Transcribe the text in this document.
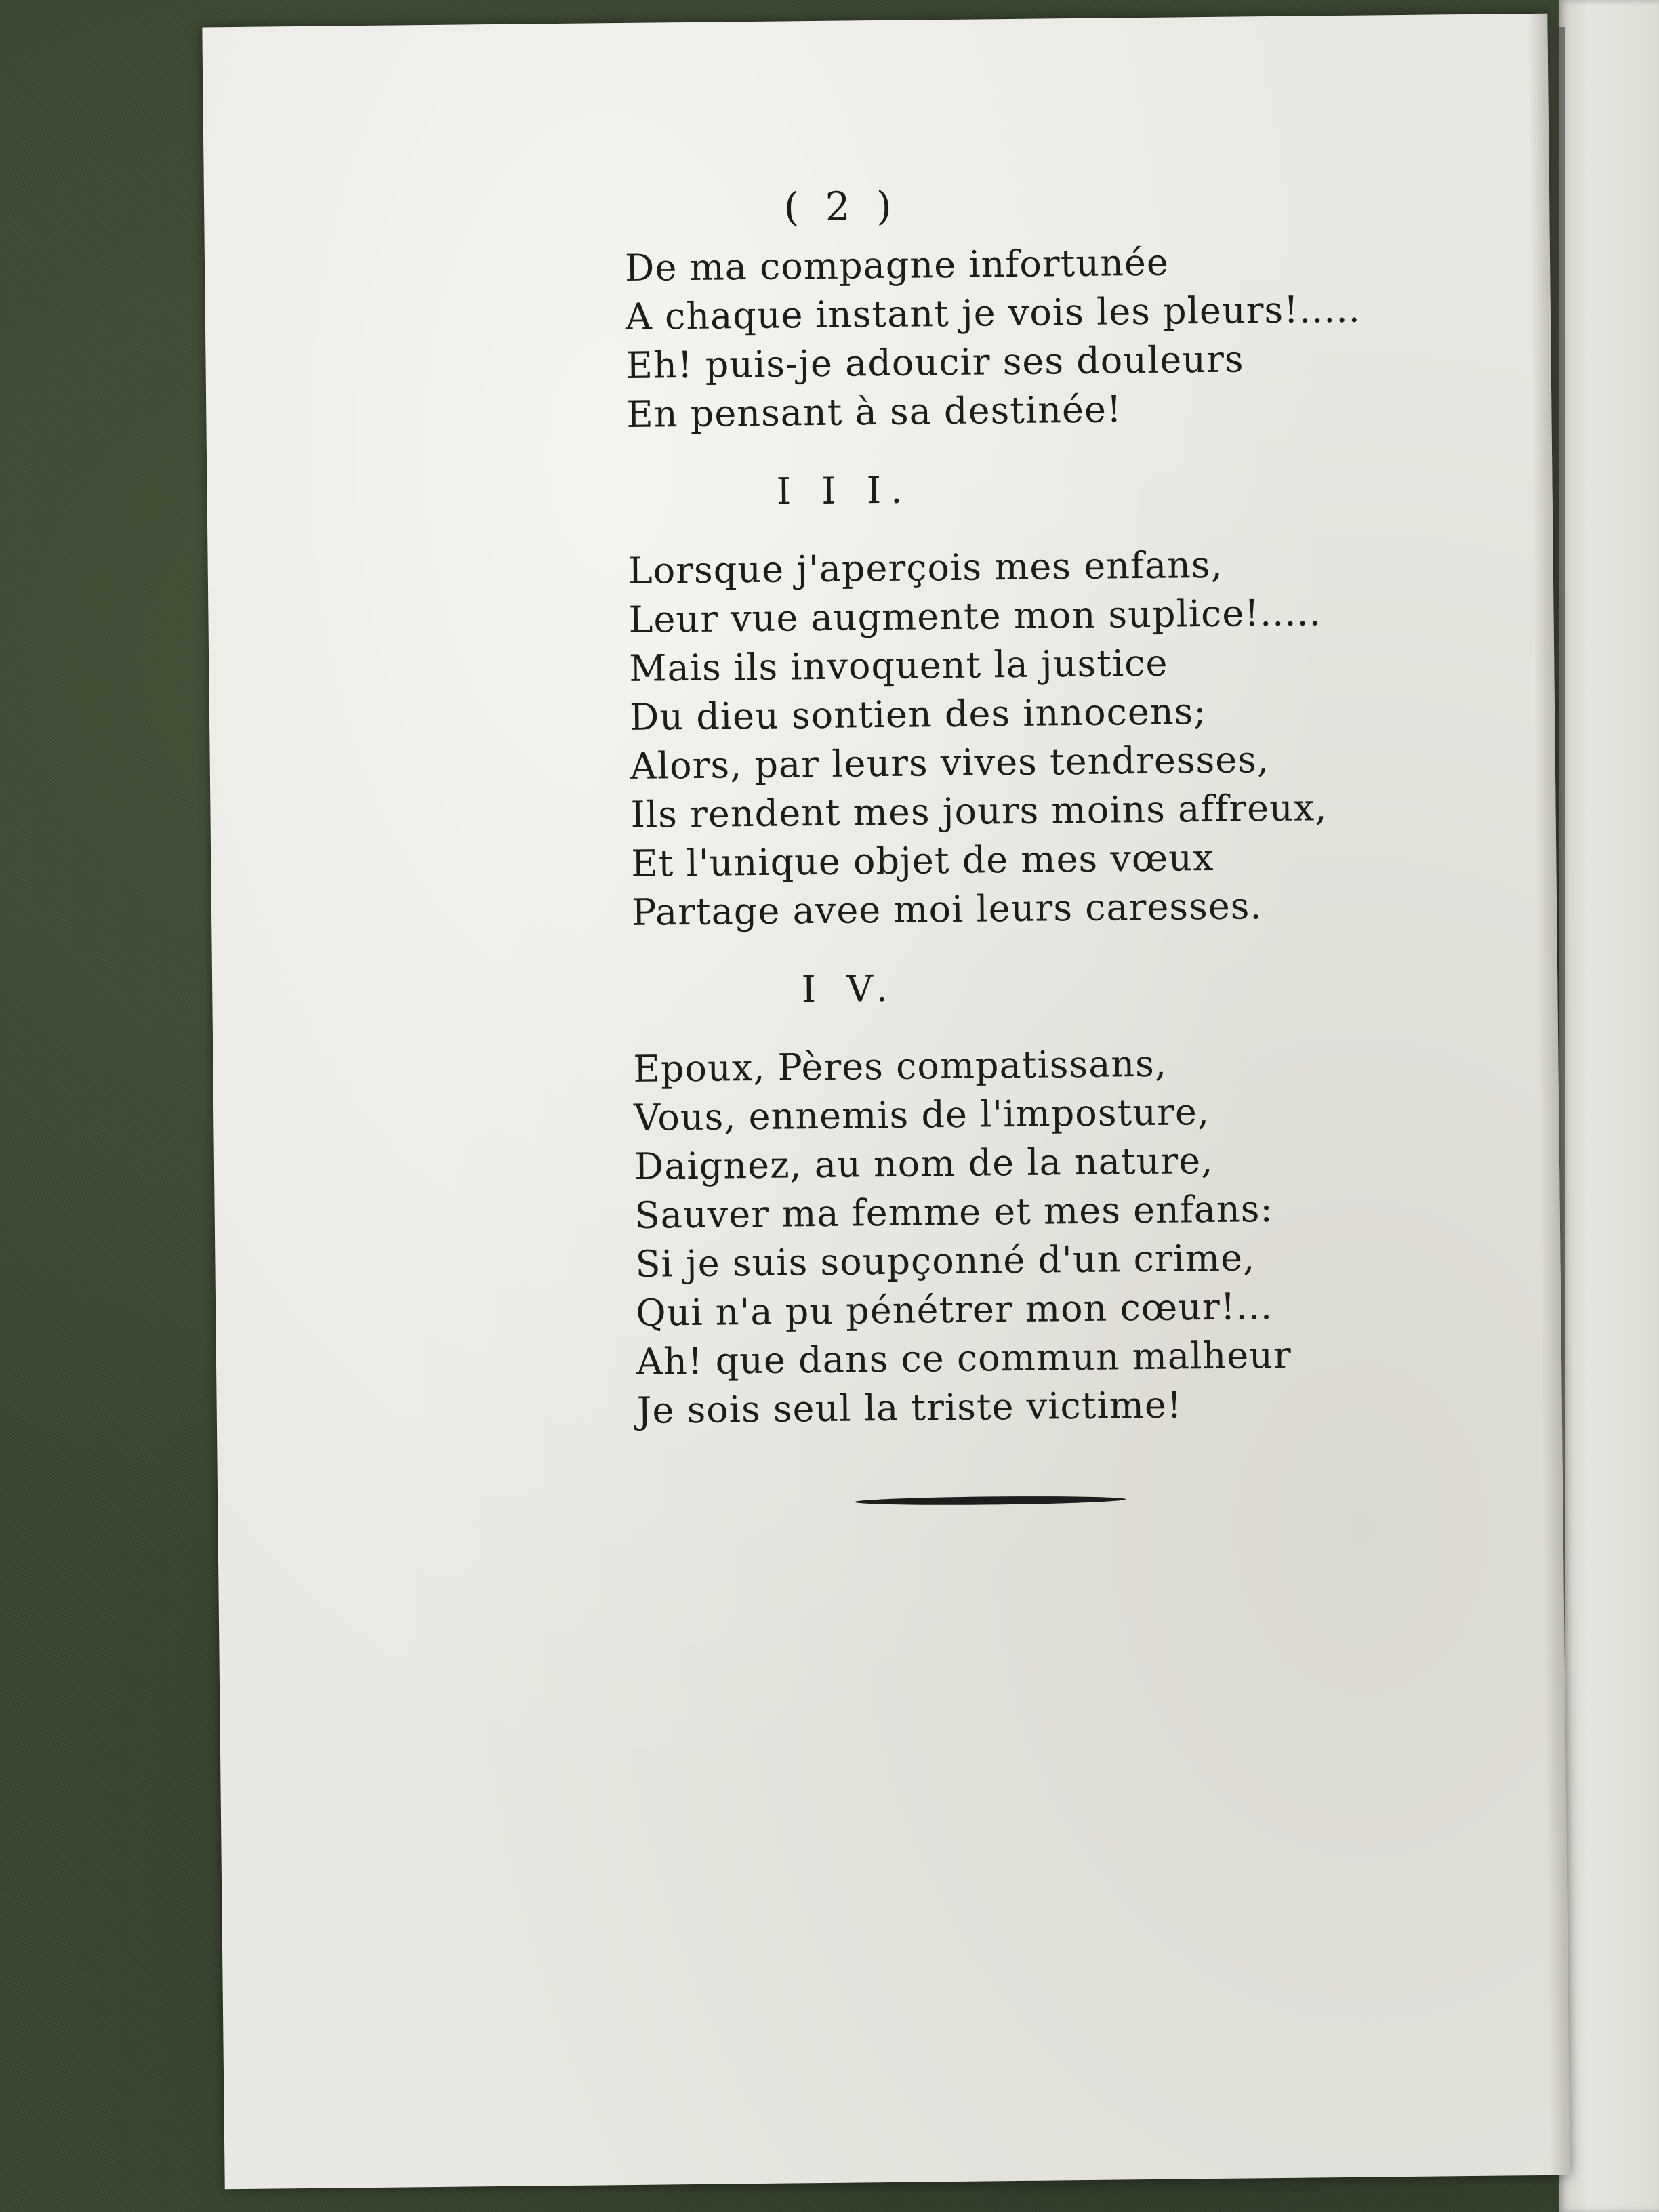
( 2 )
De ma compagne infortunée
A chaque instant je vois les pleurs!.....
Eh! puis-je adoucir ses douleurs
En pensant à sa destinée!
I I I.
Lorsque j'aperçois mes enfans,
Leur vue augmente mon suplice!.....
Mais ils invoquent la justice
Du dieu sontien des innocens;
Alors, par leurs vives tendresses,
Ils rendent mes jours moins affreux,
Et l'unique objet de mes vœux
Partage avee moi leurs caresses.
I V.
Epoux, Pères compatissans,
Vous, ennemis de l'imposture,
Daignez, au nom de la nature,
Sauver ma femme et mes enfans:
Si je suis soupçonné d'un crime,
Qui n'a pu pénétrer mon cœur!...
Ah! que dans ce commun malheur
Je sois seul la triste victime!
